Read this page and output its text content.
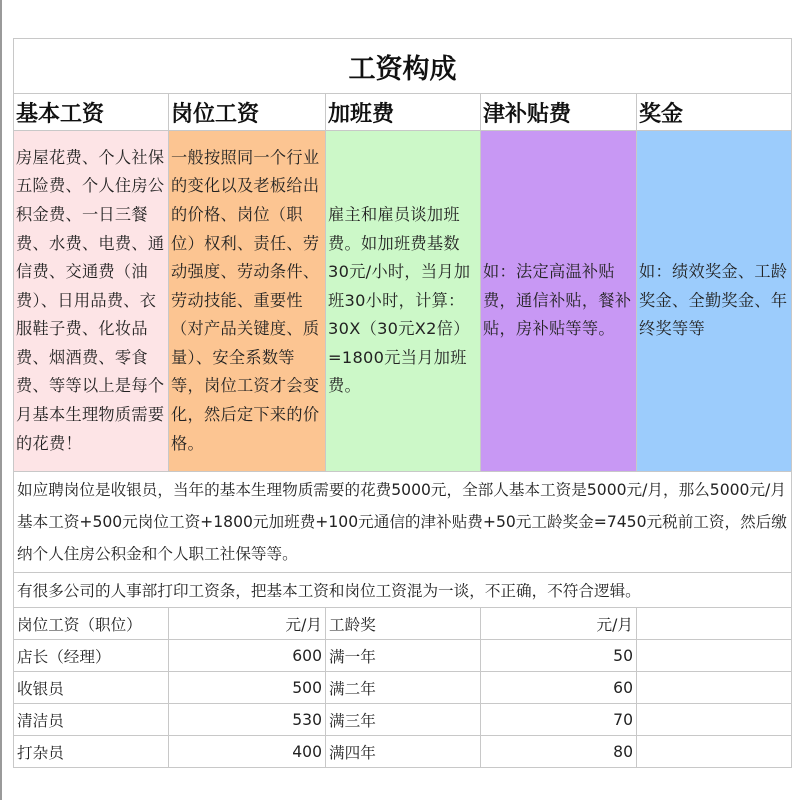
工资构成				
基本工资	岗位工资	加班费	津补贴费	奖金
房屋花费、个人社保五险费、个人住房公积金费、一日三餐费、水费、电费、通信费、交通费（油费）、日用品费、衣服鞋子费、化妆品费、烟酒费、零食费、等等以上是每个月基本生理物质需要的花费！	一般按照同一个行业的变化以及老板给出的价格、岗位（职位）权利、责任、劳动强度、劳动条件、劳动技能、重要性（对产品关键度、质量）、安全系数等等，岗位工资才会变化，然后定下来的价格。	雇主和雇员谈加班费。如加班费基数30元/小时，当月加班30小时，计算：30X（30元X2倍）=1800元当月加班费。	如：法定高温补贴费，通信补贴，餐补贴，房补贴等等。	如：绩效奖金、工龄奖金、全勤奖金、年终奖等等
如应聘岗位是收银员，当年的基本生理物质需要的花费5000元，全部人基本工资是5000元/月，那么5000元/月基本工资+500元岗位工资+1800元加班费+100元通信的津补贴费+50元工龄奖金=7450元税前工资，然后缴纳个人住房公积金和个人职工社保等等。				
有很多公司的人事部打印工资条，把基本工资和岗位工资混为一谈，不正确，不符合逻辑。				
岗位工资（职位）	元/月	工龄奖	元/月	
店长（经理）	600	满一年	50	
收银员	500	满二年	60	
清洁员	530	满三年	70	
打杂员	400	满四年	80	
